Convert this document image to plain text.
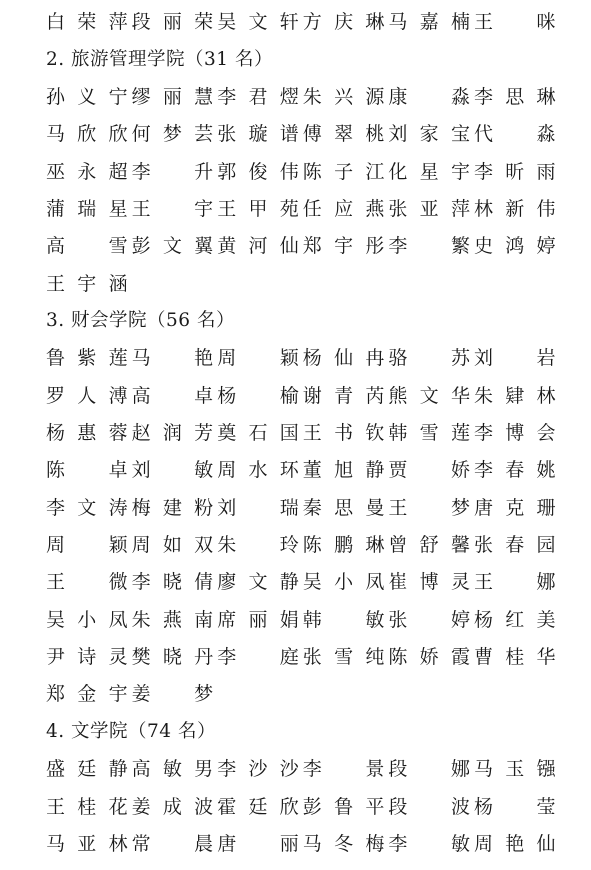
白 荣 萍 段 丽 荣 吴 文 轩 方 庆 琳 马 嘉 楠 王 咪
2. 旅游管理学院（31 名）
孙 义 宁 缪 丽 慧 李 君 熤 朱 兴 源 康 淼 李 思 琳
马 欣 欣 何 梦 芸 张 璇 谱 傅 翠 桃 刘 家 宝 代 淼
巫 永 超 李 升 郭 俊 伟 陈 子 江 化 星 宇 李 昕 雨
蒲 瑞 星 王 宇 王 甲 苑 任 应 燕 张 亚 萍 林 新 伟
高 雪 彭 文 翼 黄 河 仙 郑 宇 彤 李 繁 史 鸿 婷
王 宇 涵
3. 财会学院（56 名）
鲁 紫 莲 马 艳 周 颖 杨 仙 冉 骆 苏 刘 岩
罗 人 溥 高 卓 杨 榆 谢 青 芮 熊 文 华 朱 肄 林
杨 惠 蓉 赵 润 芳 奠 石 国 王 书 钦 韩 雪 莲 李 博 会
陈 卓 刘 敏 周 水 环 董 旭 静 贾 娇 李 春 姚
李 文 涛 梅 建 粉 刘 瑞 秦 思 曼 王 梦 唐 克 珊
周 颖 周 如 双 朱 玲 陈 鹏 琳 曾 舒 馨 张 春 园
王 微 李 晓 倩 廖 文 静 吴 小 凤 崔 博 灵 王 娜
吴 小 凤 朱 燕 南 席 丽 娟 韩 敏 张 婷 杨 红 美
尹 诗 灵 樊 晓 丹 李 庭 张 雪 纯 陈 娇 霞 曹 桂 华
郑 金 宇 姜 梦
4. 文学院（74 名）
盛 廷 静 高 敏 男 李 沙 沙 李 景 段 娜 马 玉 镪
王 桂 花 姜 成 波 霍 廷 欣 彭 鲁 平 段 波 杨 莹
马 亚 林 常 晨 唐 丽 马 冬 梅 李 敏 周 艳 仙
